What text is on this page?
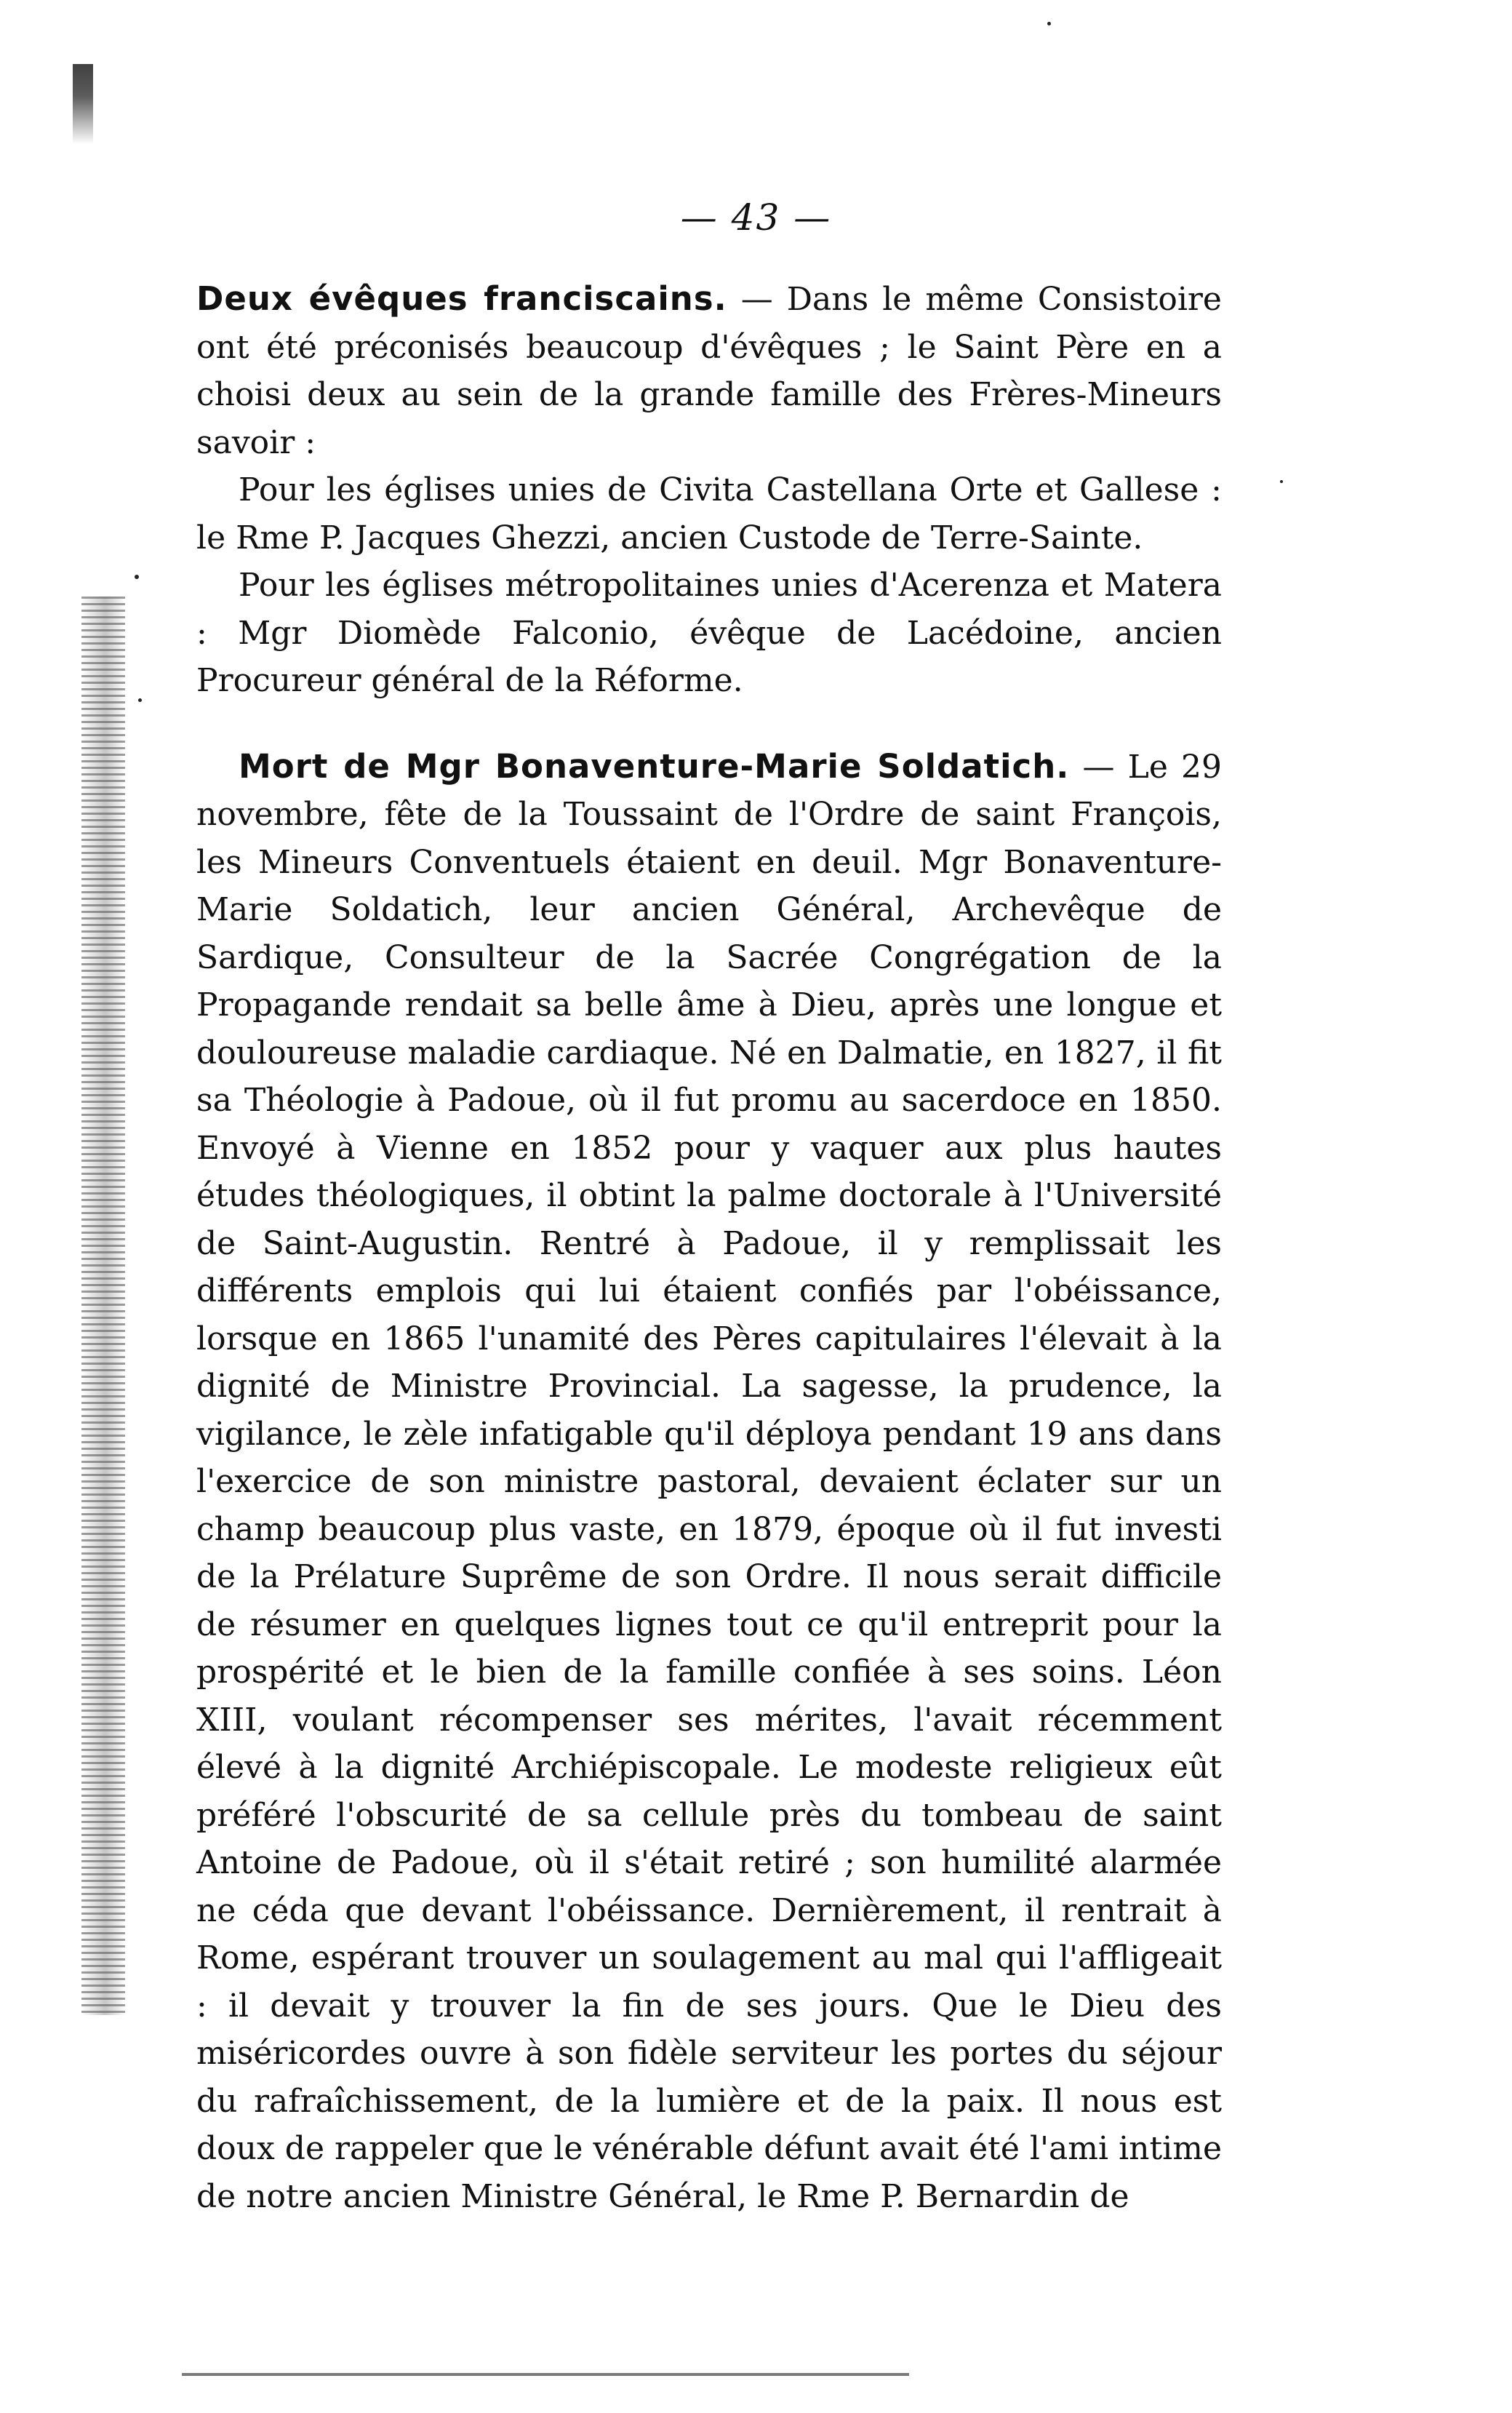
— 43 —

Deux évêques franciscains. — Dans le même Consistoire ont été préconisés beaucoup d'évêques ; le Saint Père en a choisi deux au sein de la grande famille des Frères-Mineurs savoir :

Pour les églises unies de Civita Castellana Orte et Gallese : le Rme P. Jacques Ghezzi, ancien Custode de Terre-Sainte.

Pour les églises métropolitaines unies d'Acerenza et Matera : Mgr Diomède Falconio, évêque de Lacédoine, ancien Procureur général de la Réforme.

Mort de Mgr Bonaventure-Marie Soldatich. — Le 29 novembre, fête de la Toussaint de l'Ordre de saint François, les Mineurs Conventuels étaient en deuil. Mgr Bonaventure-Marie Soldatich, leur ancien Général, Archevêque de Sardique, Consulteur de la Sacrée Congrégation de la Propagande rendait sa belle âme à Dieu, après une longue et douloureuse maladie cardiaque. Né en Dalmatie, en 1827, il fit sa Théologie à Padoue, où il fut promu au sacerdoce en 1850. Envoyé à Vienne en 1852 pour y vaquer aux plus hautes études théologiques, il obtint la palme doctorale à l'Université de Saint-Augustin. Rentré à Padoue, il y remplissait les différents emplois qui lui étaient confiés par l'obéissance, lorsque en 1865 l'unamité des Pères capitulaires l'élevait à la dignité de Ministre Provincial. La sagesse, la prudence, la vigilance, le zèle infatigable qu'il déploya pendant 19 ans dans l'exercice de son ministre pastoral, devaient éclater sur un champ beaucoup plus vaste, en 1879, époque où il fut investi de la Prélature Suprême de son Ordre. Il nous serait difficile de résumer en quelques lignes tout ce qu'il entreprit pour la prospérité et le bien de la famille confiée à ses soins. Léon XIII, voulant récompenser ses mérites, l'avait récemment élevé à la dignité Archiépiscopale. Le modeste religieux eût préféré l'obscurité de sa cellule près du tombeau de saint Antoine de Padoue, où il s'était retiré ; son humilité alarmée ne céda que devant l'obéissance. Dernièrement, il rentrait à Rome, espérant trouver un soulagement au mal qui l'affligeait : il devait y trouver la fin de ses jours. Que le Dieu des miséricordes ouvre à son fidèle serviteur les portes du séjour du rafraîchissement, de la lumière et de la paix. Il nous est doux de rappeler que le vénérable défunt avait été l'ami intime de notre ancien Ministre Général, le Rme P. Bernardin de
